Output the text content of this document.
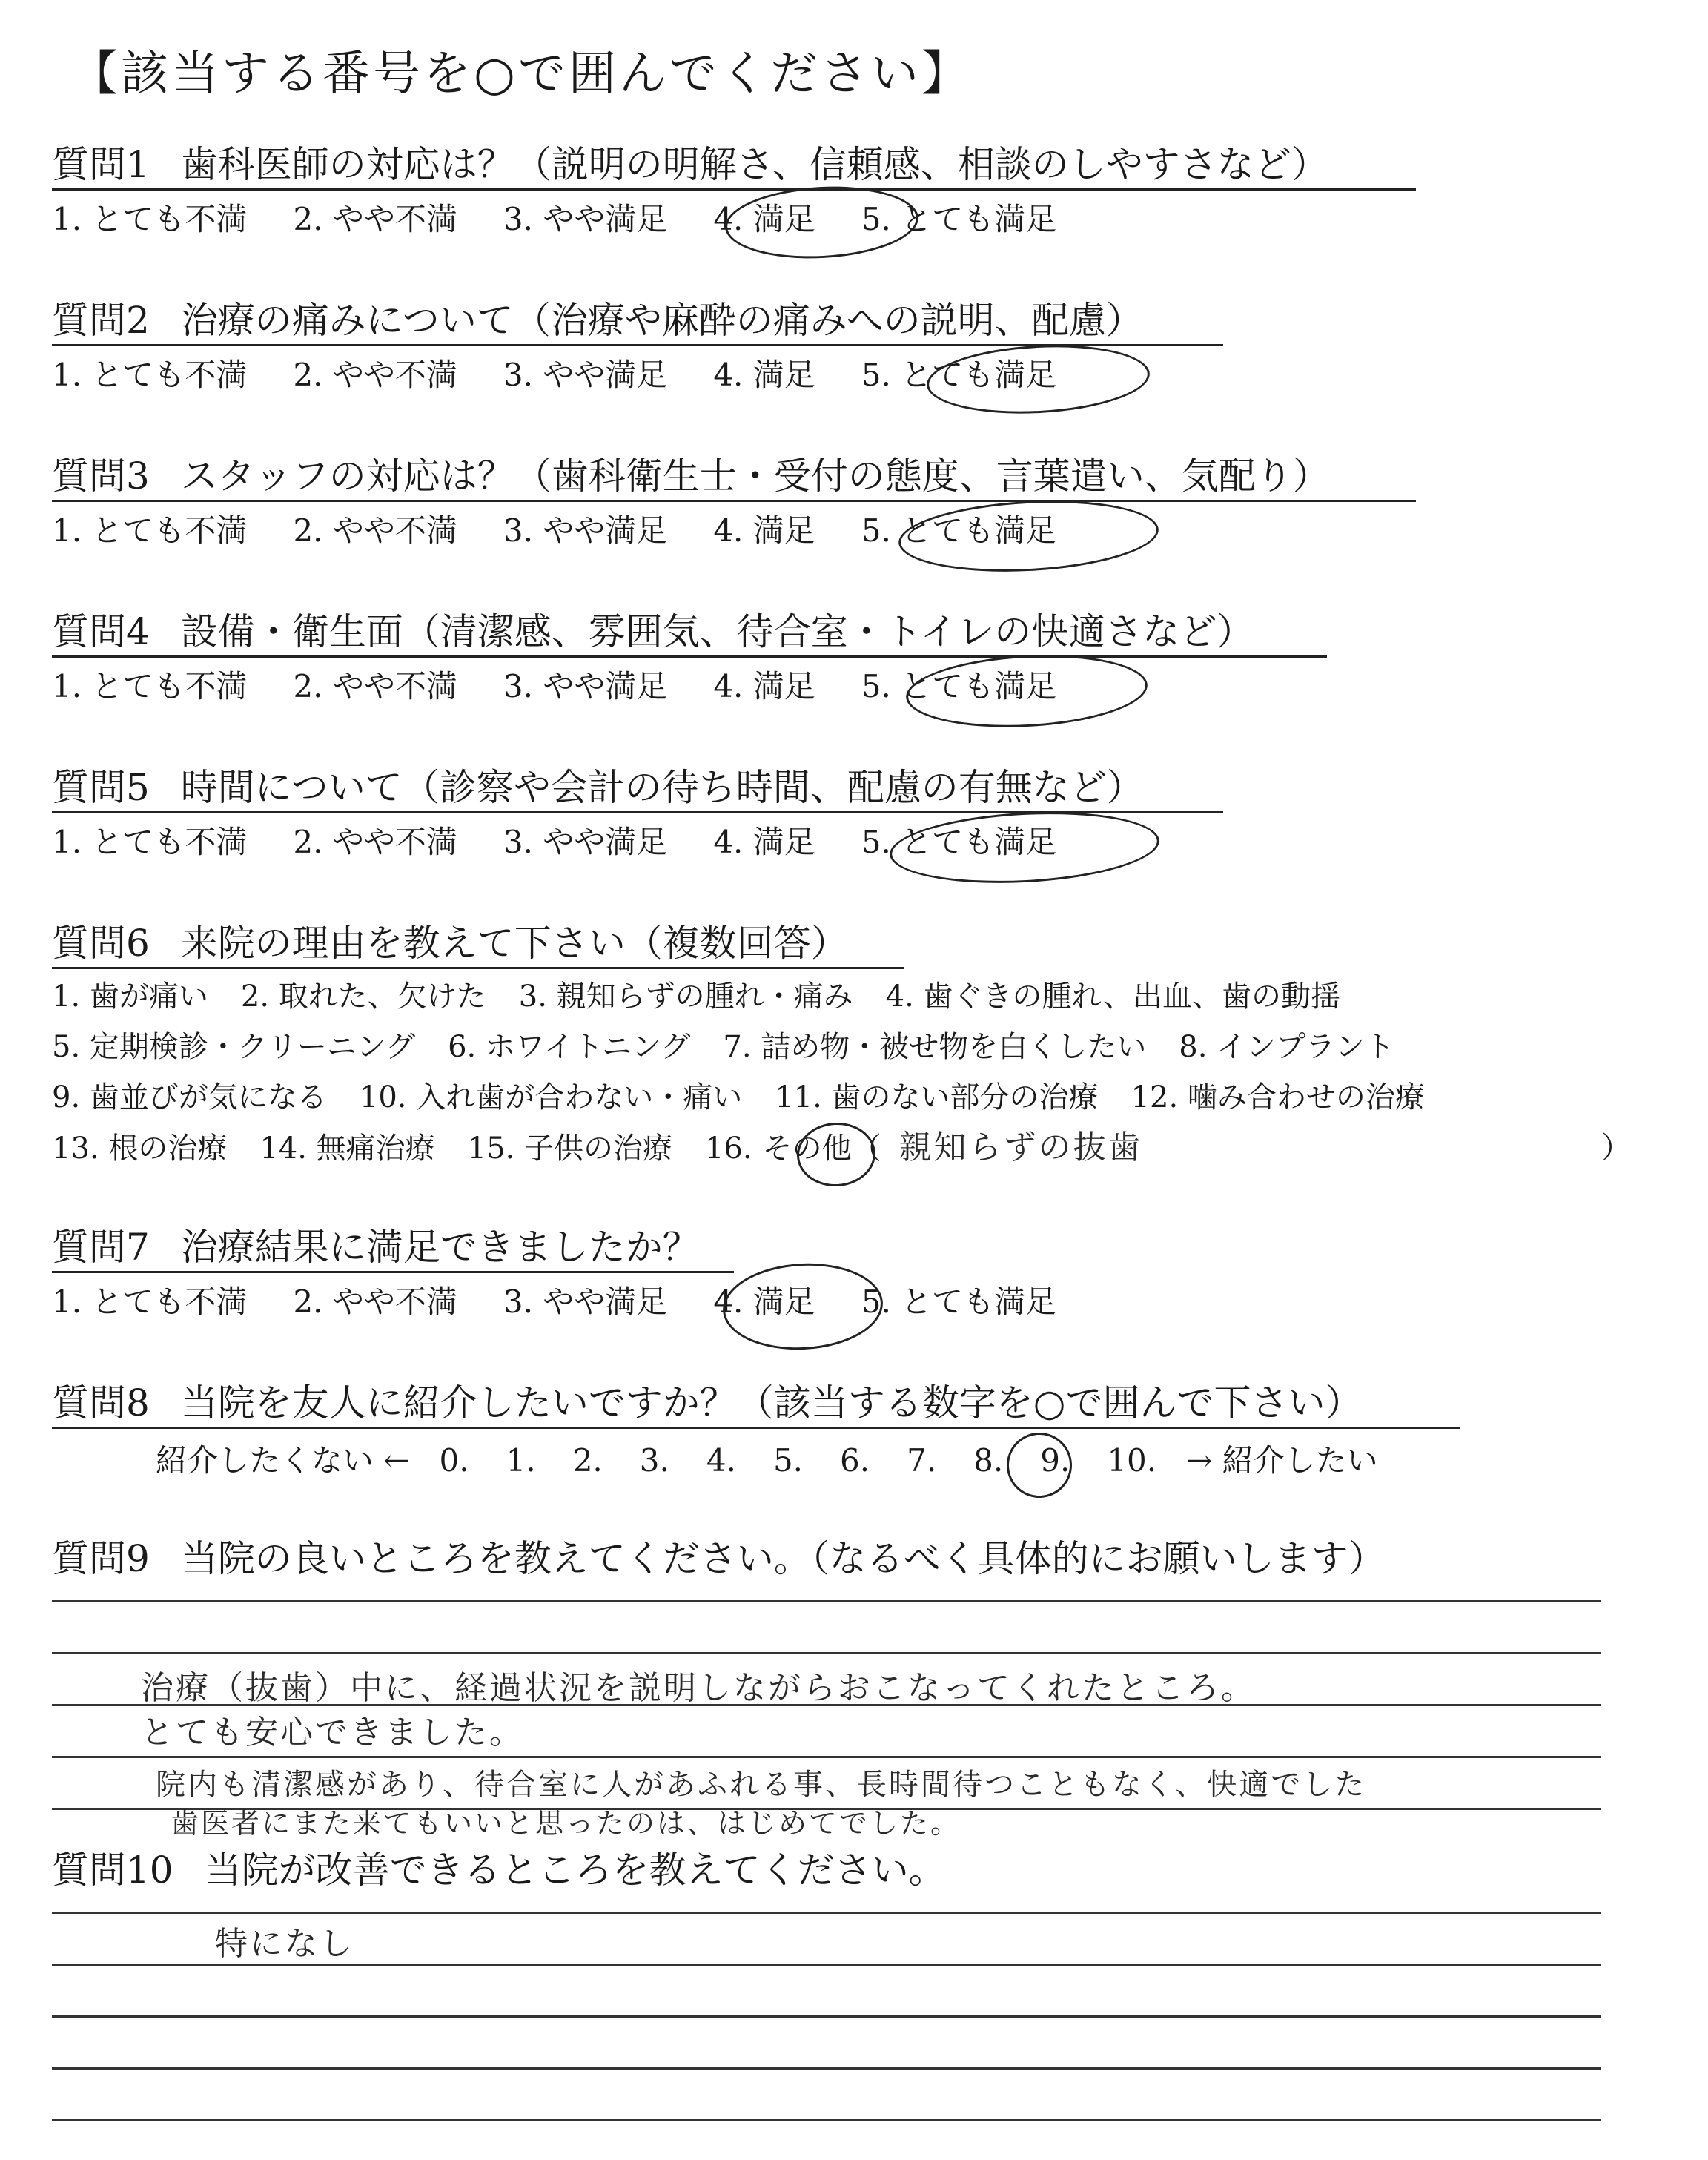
【該当する番号を○で囲んでください】
質問1 歯科医師の対応は？（説明の明解さ、信頼感、相談のしやすさなど）
1. とても不満 2. やや不満 3. やや満足 4. 満足 5. とても満足
質問2 治療の痛みについて（治療や麻酔の痛みへの説明、配慮）
1. とても不満 2. やや不満 3. やや満足 4. 満足 5. とても満足
質問3 スタッフの対応は？（歯科衛生士・受付の態度、言葉遣い、気配り）
1. とても不満 2. やや不満 3. やや満足 4. 満足 5. とても満足
質問4 設備・衛生面（清潔感、雰囲気、待合室・トイレの快適さなど）
1. とても不満 2. やや不満 3. やや満足 4. 満足 5. とても満足
質問5 時間について（診察や会計の待ち時間、配慮の有無など）
1. とても不満 2. やや不満 3. やや満足 4. 満足 5. とても満足
質問6 来院の理由を教えて下さい（複数回答）
1. 歯が痛い 2. 取れた、欠けた 3. 親知らずの腫れ・痛み 4. 歯ぐきの腫れ、出血、歯の動揺
5. 定期検診・クリーニング 6. ホワイトニング 7. 詰め物・被せ物を白くしたい 8. インプラント
9. 歯並びが気になる 10. 入れ歯が合わない・痛い 11. 歯のない部分の治療 12. 噛み合わせの治療
13. 根の治療 14. 無痛治療 15. 子供の治療 16. その他（ 親知らずの抜歯	）
質問7 治療結果に満足できましたか？
1. とても不満 2. やや不満 3. やや満足 4. 満足 5. とても満足
質問8 当院を友人に紹介したいですか？（該当する数字を○で囲んで下さい）
紹介したくない ← 0. 1. 2. 3. 4. 5. 6. 7. 8. 9. 10. → 紹介したい
質問9 当院の良いところを教えてください。（なるべく具体的にお願いします）
治療（抜歯）中に、経過状況を説明しながらおこなってくれたところ。
とても安心できました。
院内も清潔感があり、待合室に人があふれる事、長時間待つこともなく、快適でした
歯医者にまた来てもいいと思ったのは、はじめてでした。
質問10 当院が改善できるところを教えてください。
特になし
